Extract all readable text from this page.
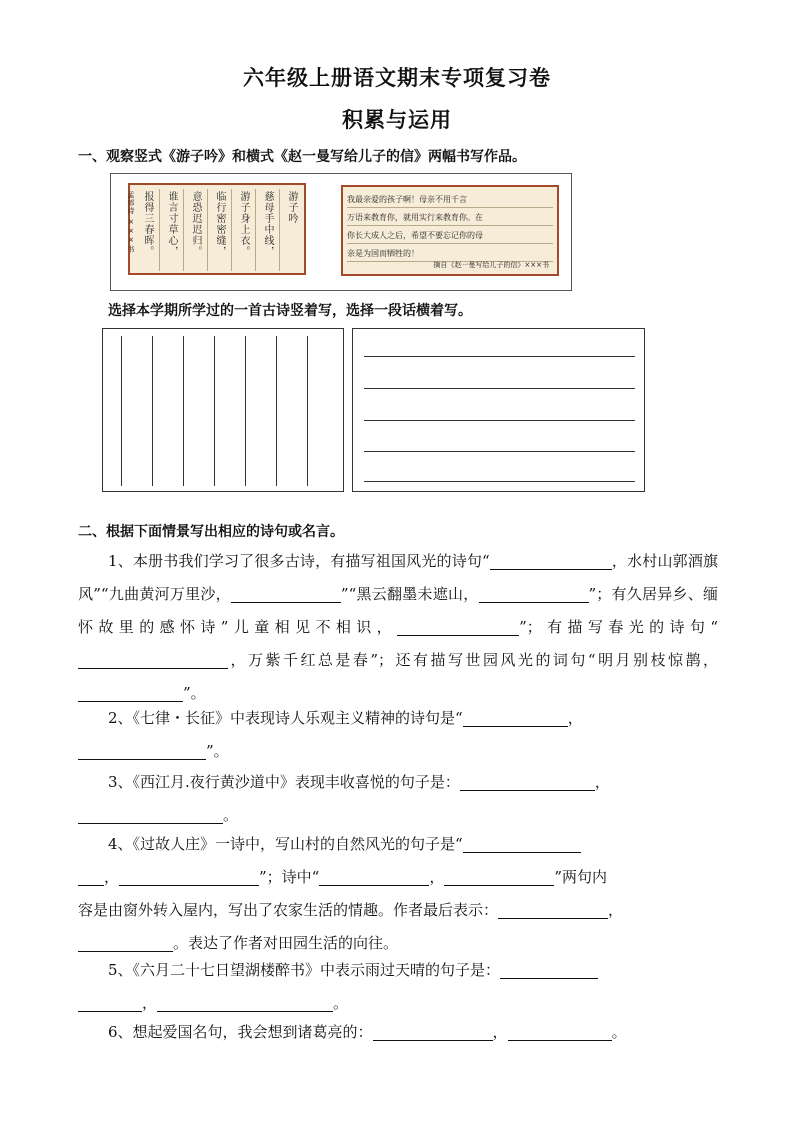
六年级上册语文期末专项复习卷
积累与运用
一、观察竖式《游子吟》和横式《赵一曼写给儿子的信》两幅书写作品。
游子吟
慈母手中线，
游子身上衣。
临行密密缝，
意恐迟迟归。
谁言寸草心，
报得三春晖。
孟郊诗 ×××书	我最亲爱的孩子啊！母亲不用千言
万语来教育你，就用实行来教育你。在
你长大成人之后，希望不要忘记你的母
亲是为国而牺牲的！
摘自《赵一曼写给儿子的信》×××书
选择本学期所学过的一首古诗竖着写，选择一段话横着写。
二、根据下面情景写出相应的诗句或名言。
1、本册书我们学习了很多古诗，有描写祖国风光的诗句“	，水村山郭酒旗风”“九曲黄河万里沙，	”“黑云翻墨未遮山，	”；有久居异乡、缅怀故里的感怀诗”儿童相见不相识，	”；有描写春光的诗句“，万紫千红总是春”；还有描写世园风光的词句“明月别枝惊鹊，”。
2、《七律・长征》中表现诗人乐观主义精神的诗句是“	，
”。
3、《西江月.夜行黄沙道中》表现丰收喜悦的句子是：	，
。
4、《过故人庄》一诗中，写山村的自然风光的句子是“
，	”；诗中“	，	”两句内
容是由窗外转入屋内，写出了农家生活的情趣。作者最后表示：	，
。表达了作者对田园生活的向往。
5、《六月二十七日望湖楼醉书》中表示雨过天晴的句子是：
，	。
6、想起爱国名句，我会想到诸葛亮的：	，	。
